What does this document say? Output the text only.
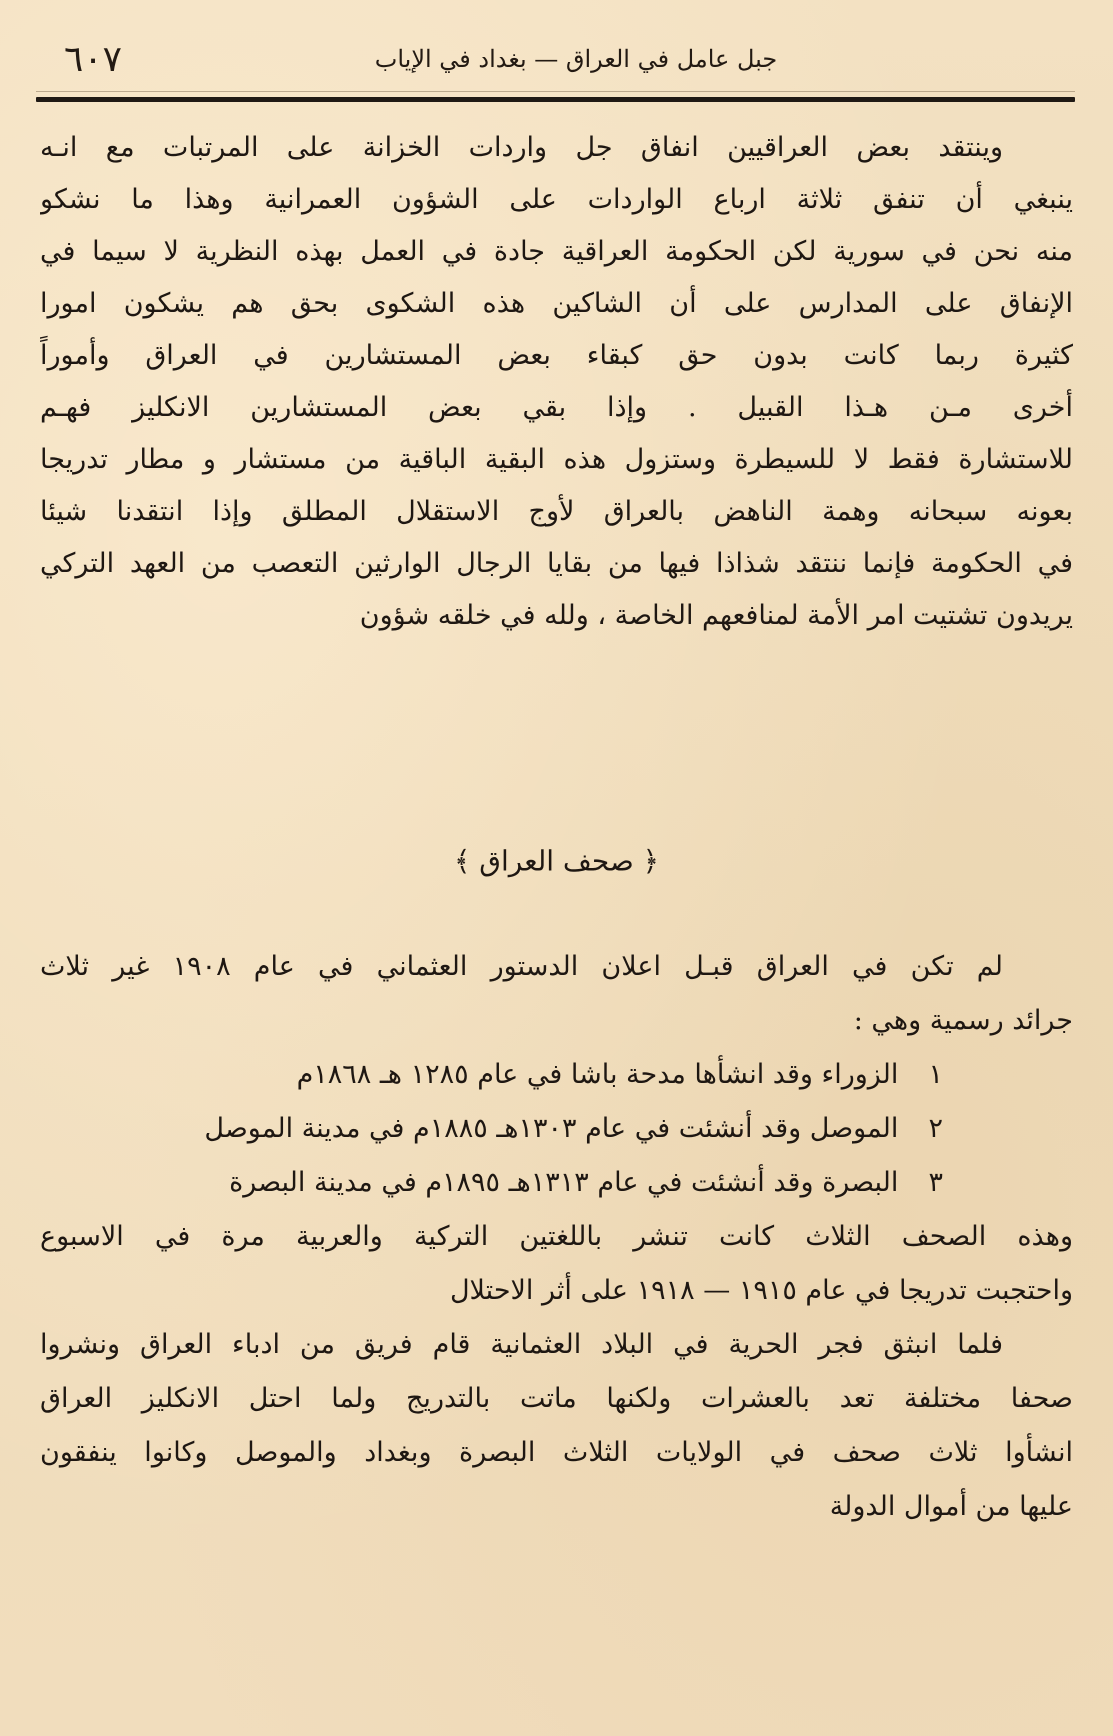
٦٠٧	جبل عامل في العراق — بغداد في الإياب
وينتقد بعض العراقيين انفاق جل واردات الخزانة على المرتبات مع انـه
ينبغي أن تنفق ثلاثة ارباع الواردات على الشؤون العمرانية وهذا ما نشكو
منه نحن في سورية لكن الحكومة العراقية جادة في العمل بهذه النظرية لا سيما في
الإنفاق على المدارس على أن الشاكين هذه الشكوى بحق هم يشكون امورا
كثيرة ربما كانت بدون حق كبقاء بعض المستشارين في العراق وأموراً
أخرى مـن هـذا القبيل . وإذا بقي بعض المستشارين الانكليز فهـم
للاستشارة فقط لا للسيطرة وستزول هذه البقية الباقية من مستشار و مطار تدريجا
بعونه سبحانه وهمة الناهض بالعراق لأوج الاستقلال المطلق وإذا انتقدنا شيئا
في الحكومة فإنما ننتقد شذاذا فيها من بقايا الرجال الوارثين التعصب من العهد التركي
يريدون تشتيت امر الأمة لمنافعهم الخاصة ، ولله في خلقه شؤون
﴿ صحف العراق ﴾
لم تكن في العراق قبـل اعلان الدستور العثماني في عام ١٩٠٨ غير ثلاث
جرائد رسمية وهي :
١ الزوراء وقد انشأها مدحة باشا في عام ١٢٨٥ هـ ١٨٦٨م
٢ الموصل وقد أنشئت في عام ١٣٠٣هـ ١٨٨٥م في مدينة الموصل
٣ البصرة وقد أنشئت في عام ١٣١٣هـ ١٨٩٥م في مدينة البصرة
وهذه الصحف الثلاث كانت تنشر باللغتين التركية والعربية مرة في الاسبوع
واحتجبت تدريجا في عام ١٩١٥ — ١٩١٨ على أثر الاحتلال
فلما انبثق فجر الحرية في البلاد العثمانية قام فريق من ادباء العراق ونشروا
صحفا مختلفة تعد بالعشرات ولكنها ماتت بالتدريج ولما احتل الانكليز العراق
انشأوا ثلاث صحف في الولايات الثلاث البصرة وبغداد والموصل وكانوا ينفقون
عليها من أموال الدولة
